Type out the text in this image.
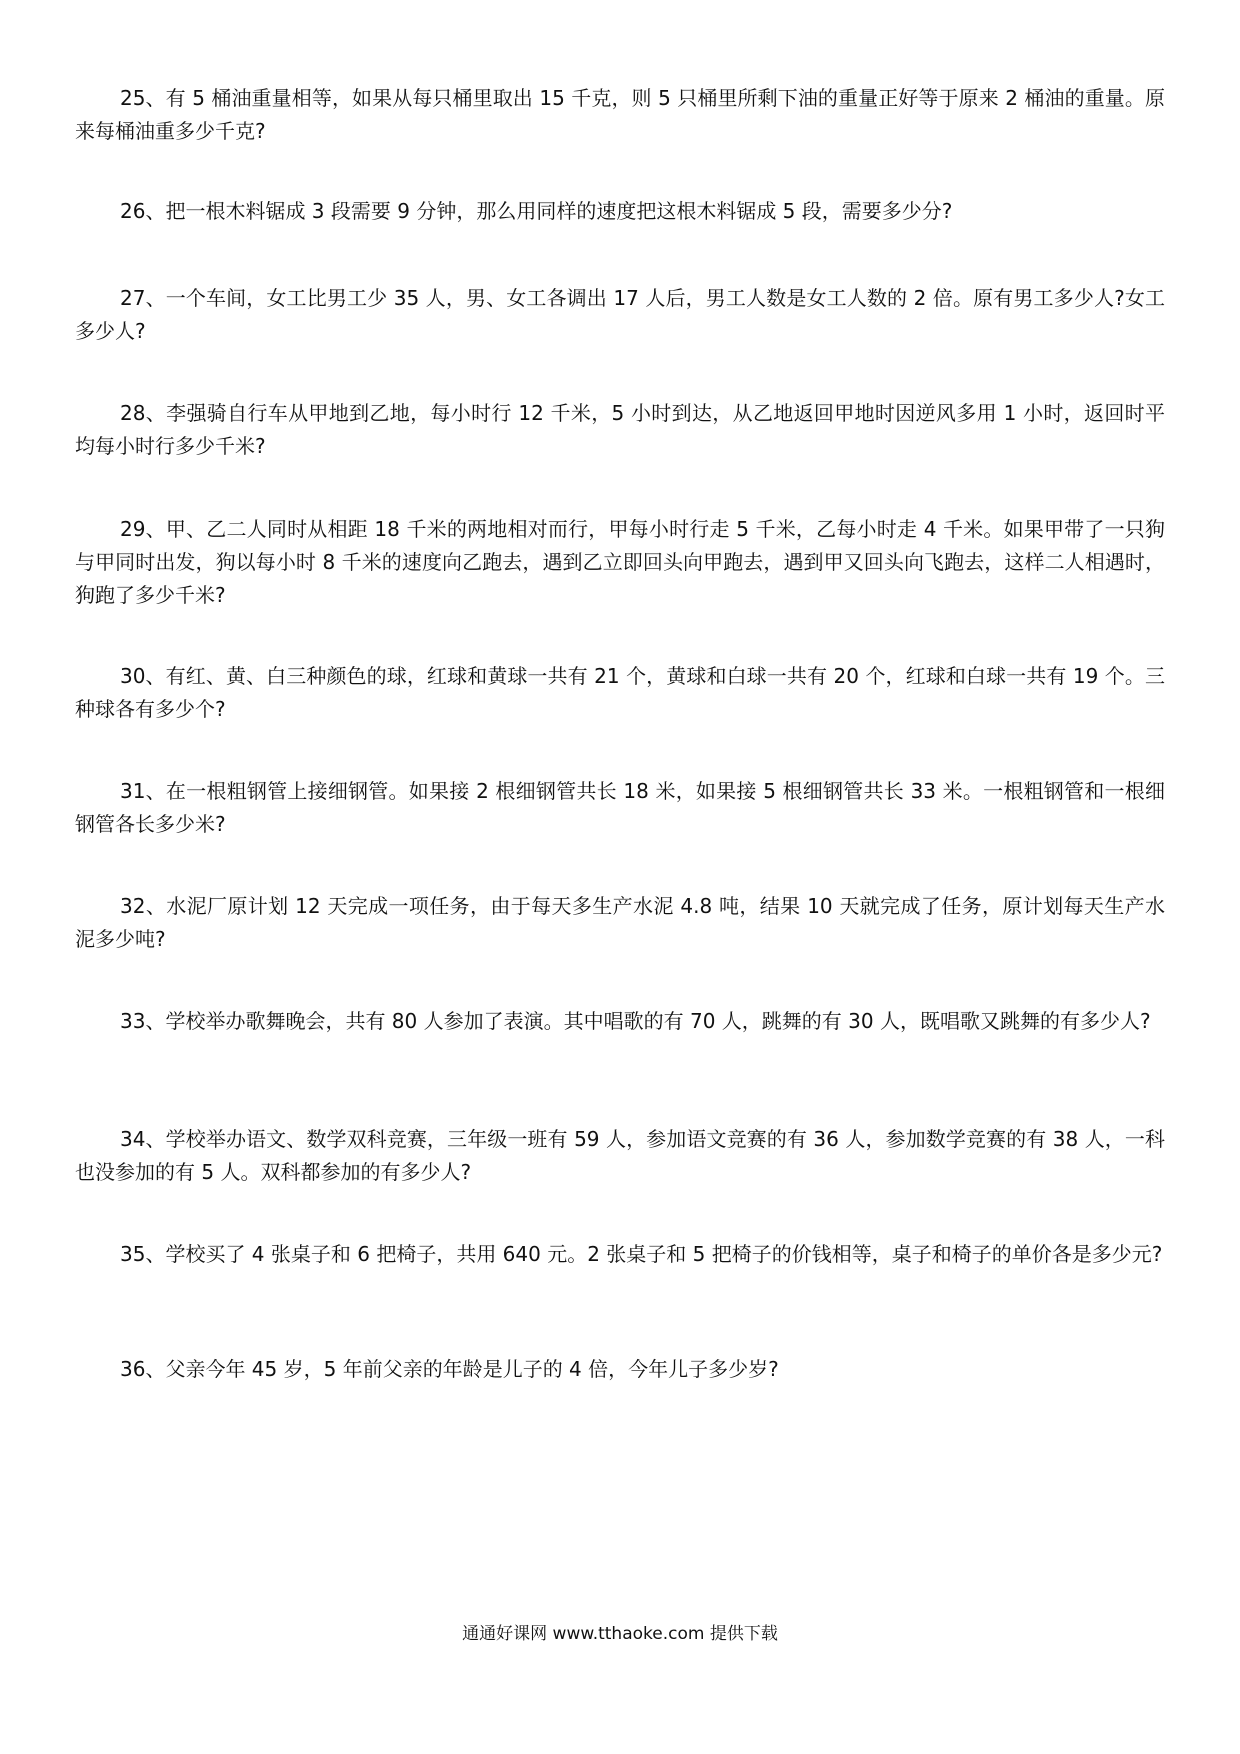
25、有 5 桶油重量相等，如果从每只桶里取出 15 千克，则 5 只桶里所剩下油的重量正好等于原来 2 桶油的重量。原来每桶油重多少千克?

26、把一根木料锯成 3 段需要 9 分钟，那么用同样的速度把这根木料锯成 5 段，需要多少分?

27、一个车间，女工比男工少 35 人，男、女工各调出 17 人后，男工人数是女工人数的 2 倍。原有男工多少人?女工多少人?

28、李强骑自行车从甲地到乙地，每小时行 12 千米，5 小时到达，从乙地返回甲地时因逆风多用 1 小时，返回时平均每小时行多少千米?

29、甲、乙二人同时从相距 18 千米的两地相对而行，甲每小时行走 5 千米，乙每小时走 4 千米。如果甲带了一只狗与甲同时出发，狗以每小时 8 千米的速度向乙跑去，遇到乙立即回头向甲跑去，遇到甲又回头向飞跑去，这样二人相遇时，狗跑了多少千米?

30、有红、黄、白三种颜色的球，红球和黄球一共有 21 个，黄球和白球一共有 20 个，红球和白球一共有 19 个。三种球各有多少个?

31、在一根粗钢管上接细钢管。如果接 2 根细钢管共长 18 米，如果接 5 根细钢管共长 33 米。一根粗钢管和一根细钢管各长多少米?

32、水泥厂原计划 12 天完成一项任务，由于每天多生产水泥 4.8 吨，结果 10 天就完成了任务，原计划每天生产水泥多少吨?

33、学校举办歌舞晚会，共有 80 人参加了表演。其中唱歌的有 70 人，跳舞的有 30 人，既唱歌又跳舞的有多少人?

34、学校举办语文、数学双科竞赛，三年级一班有 59 人，参加语文竞赛的有 36 人，参加数学竞赛的有 38 人，一科也没参加的有 5 人。双科都参加的有多少人?

35、学校买了 4 张桌子和 6 把椅子，共用 640 元。2 张桌子和 5 把椅子的价钱相等，桌子和椅子的单价各是多少元?

36、父亲今年 45 岁，5 年前父亲的年龄是儿子的 4 倍，今年儿子多少岁?

通通好课网 www.tthaoke.com 提供下载
